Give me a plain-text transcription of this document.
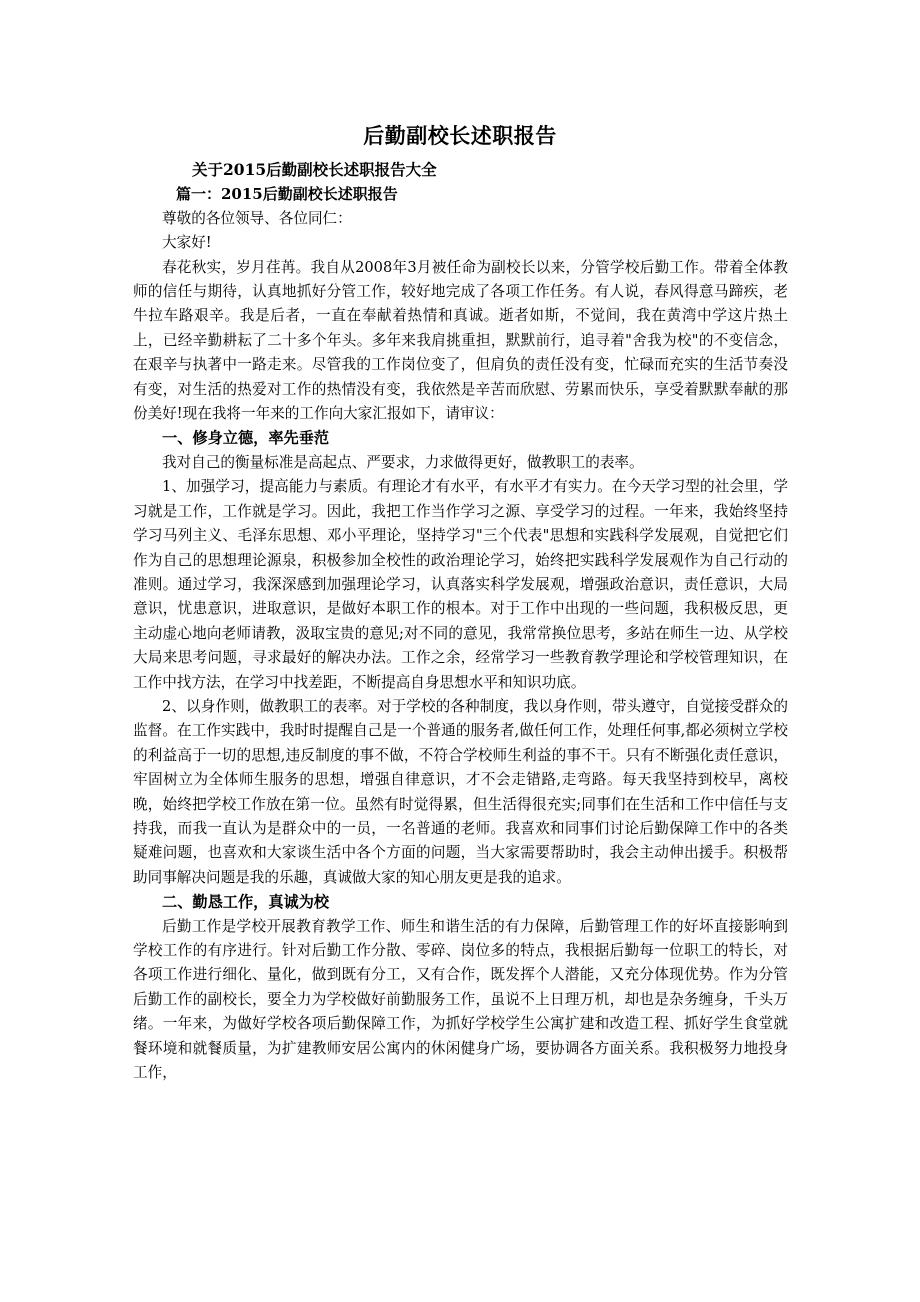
后勤副校长述职报告

关于2015后勤副校长述职报告大全

篇一：2015后勤副校长述职报告

尊敬的各位领导、各位同仁：

大家好!

春花秋实，岁月荏苒。我自从2008年3月被任命为副校长以来，分管学校后勤工作。带着全体教师的信任与期待，认真地抓好分管工作，较好地完成了各项工作任务。有人说，春风得意马蹄疾，老牛拉车路艰辛。我是后者，一直在奉献着热情和真诚。逝者如斯，不觉间，我在黄湾中学这片热土上，已经辛勤耕耘了二十多个年头。多年来我肩挑重担，默默前行，追寻着"舍我为校"的不变信念，在艰辛与执著中一路走来。尽管我的工作岗位变了，但肩负的责任没有变，忙碌而充实的生活节奏没有变，对生活的热爱对工作的热情没有变，我依然是辛苦而欣慰、劳累而快乐，享受着默默奉献的那份美好!现在我将一年来的工作向大家汇报如下，请审议：

一、修身立德，率先垂范

我对自己的衡量标准是高起点、严要求，力求做得更好，做教职工的表率。

1、加强学习，提高能力与素质。有理论才有水平，有水平才有实力。在今天学习型的社会里，学习就是工作，工作就是学习。因此，我把工作当作学习之源、享受学习的过程。一年来，我始终坚持学习马列主义、毛泽东思想、邓小平理论，坚持学习"三个代表"思想和实践科学发展观，自觉把它们作为自己的思想理论源泉，积极参加全校性的政治理论学习，始终把实践科学发展观作为自己行动的准则。通过学习，我深深感到加强理论学习，认真落实科学发展观，增强政治意识，责任意识，大局意识，忧患意识，进取意识，是做好本职工作的根本。对于工作中出现的一些问题，我积极反思，更主动虚心地向老师请教，汲取宝贵的意见;对不同的意见，我常常换位思考，多站在师生一边、从学校大局来思考问题，寻求最好的解决办法。工作之余，经常学习一些教育教学理论和学校管理知识，在工作中找方法，在学习中找差距，不断提高自身思想水平和知识功底。

2、以身作则，做教职工的表率。对于学校的各种制度，我以身作则，带头遵守，自觉接受群众的监督。在工作实践中，我时时提醒自己是一个普通的服务者,做任何工作，处理任何事,都必须树立学校的利益高于一切的思想,违反制度的事不做，不符合学校师生利益的事不干。只有不断强化责任意识，牢固树立为全体师生服务的思想，增强自律意识，才不会走错路,走弯路。每天我坚持到校早，离校晚，始终把学校工作放在第一位。虽然有时觉得累，但生活得很充实;同事们在生活和工作中信任与支持我，而我一直认为是群众中的一员，一名普通的老师。我喜欢和同事们讨论后勤保障工作中的各类疑难问题，也喜欢和大家谈生活中各个方面的问题，当大家需要帮助时，我会主动伸出援手。积极帮助同事解决问题是我的乐趣，真诚做大家的知心朋友更是我的追求。

二、勤恳工作，真诚为校

后勤工作是学校开展教育教学工作、师生和谐生活的有力保障，后勤管理工作的好坏直接影响到学校工作的有序进行。针对后勤工作分散、零碎、岗位多的特点，我根据后勤每一位职工的特长，对各项工作进行细化、量化，做到既有分工，又有合作，既发挥个人潜能，又充分体现优势。作为分管后勤工作的副校长，要全力为学校做好前勤服务工作，虽说不上日理万机，却也是杂务缠身，千头万绪。一年来，为做好学校各项后勤保障工作，为抓好学校学生公寓扩建和改造工程、抓好学生食堂就餐环境和就餐质量，为扩建教师安居公寓内的休闲健身广场，要协调各方面关系。我积极努力地投身工作，
